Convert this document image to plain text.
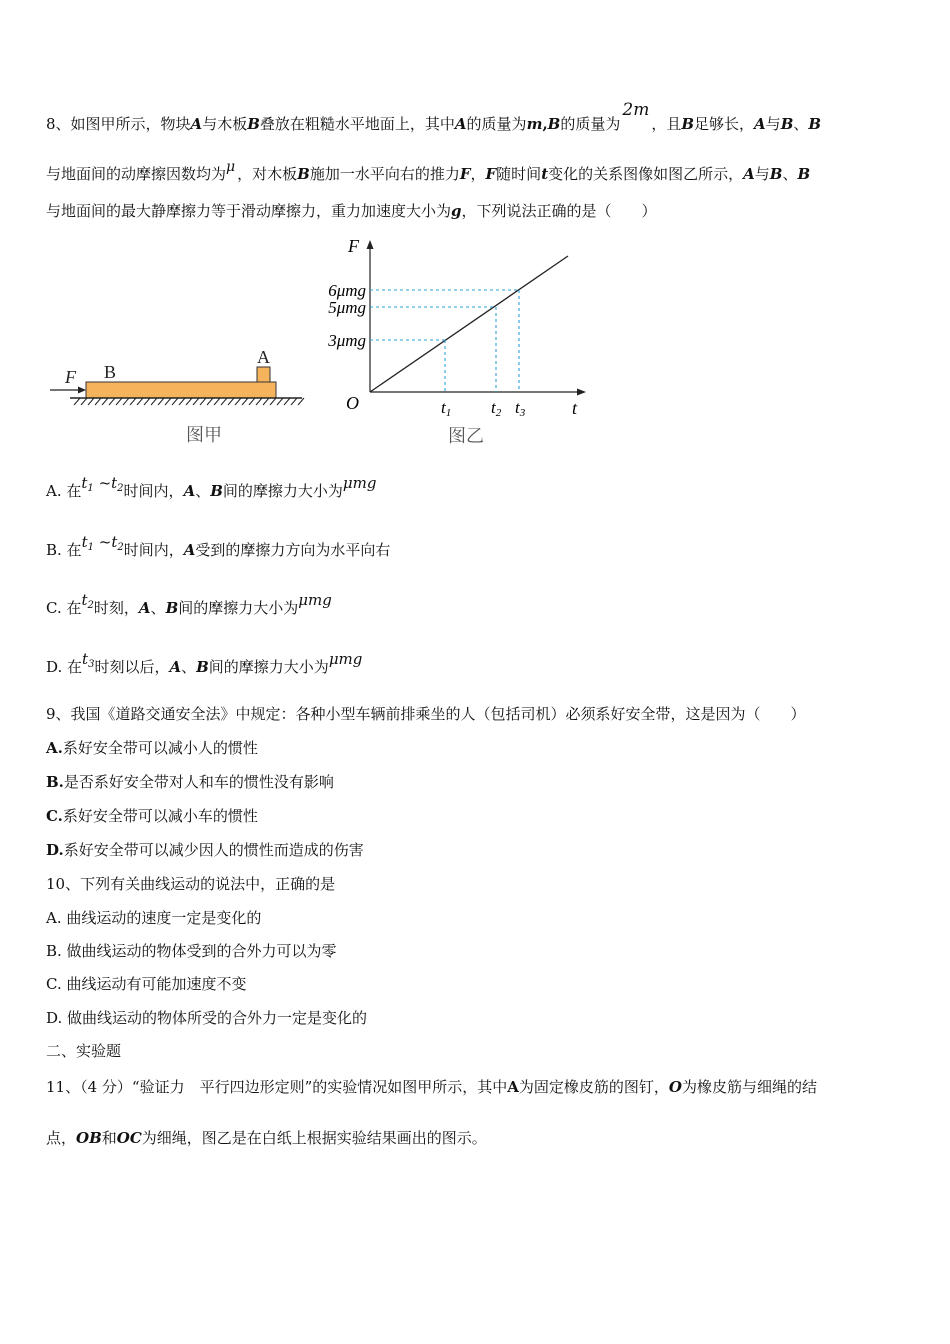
8、如图甲所示，物块A与木板B叠放在粗糙水平地面上，其中A的质量为m,B的质量为2m，且B足够长，A与B、B
与地面间的动摩擦因数均为μ ，对木板B施加一水平向右的推力F，F随时间t变化的关系图像如图乙所示，A与B、B
与地面间的最大静摩擦力等于滑动摩擦力，重力加速度大小为g，下列说法正确的是（　　）
F B
A
图甲
F
t
O
6μmg
5μmg
3μmg
t1 t2 t3
图乙
A. 在$t_1$ $\sim t_2$时间内，A、B间的摩擦力大小为μmg
B. 在$t_1$ $\sim t_2$时间内，A受到的摩擦力方向为水平向右
C. 在$t_2$时刻，A、B间的摩擦力大小为μmg
D. 在$t_3$时刻以后，A、B间的摩擦力大小为μmg
9、我国《道路交通安全法》中规定：各种小型车辆前排乘坐的人（包括司机）必须系好安全带，这是因为（　　）
A.系好安全带可以减小人的惯性
B.是否系好安全带对人和车的惯性没有影响
C.系好安全带可以减小车的惯性
D.系好安全带可以减少因人的惯性而造成的伤害
10、下列有关曲线运动的说法中，正确的是
A. 曲线运动的速度一定是变化的
B. 做曲线运动的物体受到的合外力可以为零
C. 曲线运动有可能加速度不变
D. 做曲线运动的物体所受的合外力一定是变化的
二、实验题
11、（4 分）“验证力　平行四边形定则”的实验情况如图甲所示，其中A为固定橡皮筋的图钉，O为橡皮筋与细绳的结
点，OB和OC为细绳，图乙是在白纸上根据实验结果画出的图示。
